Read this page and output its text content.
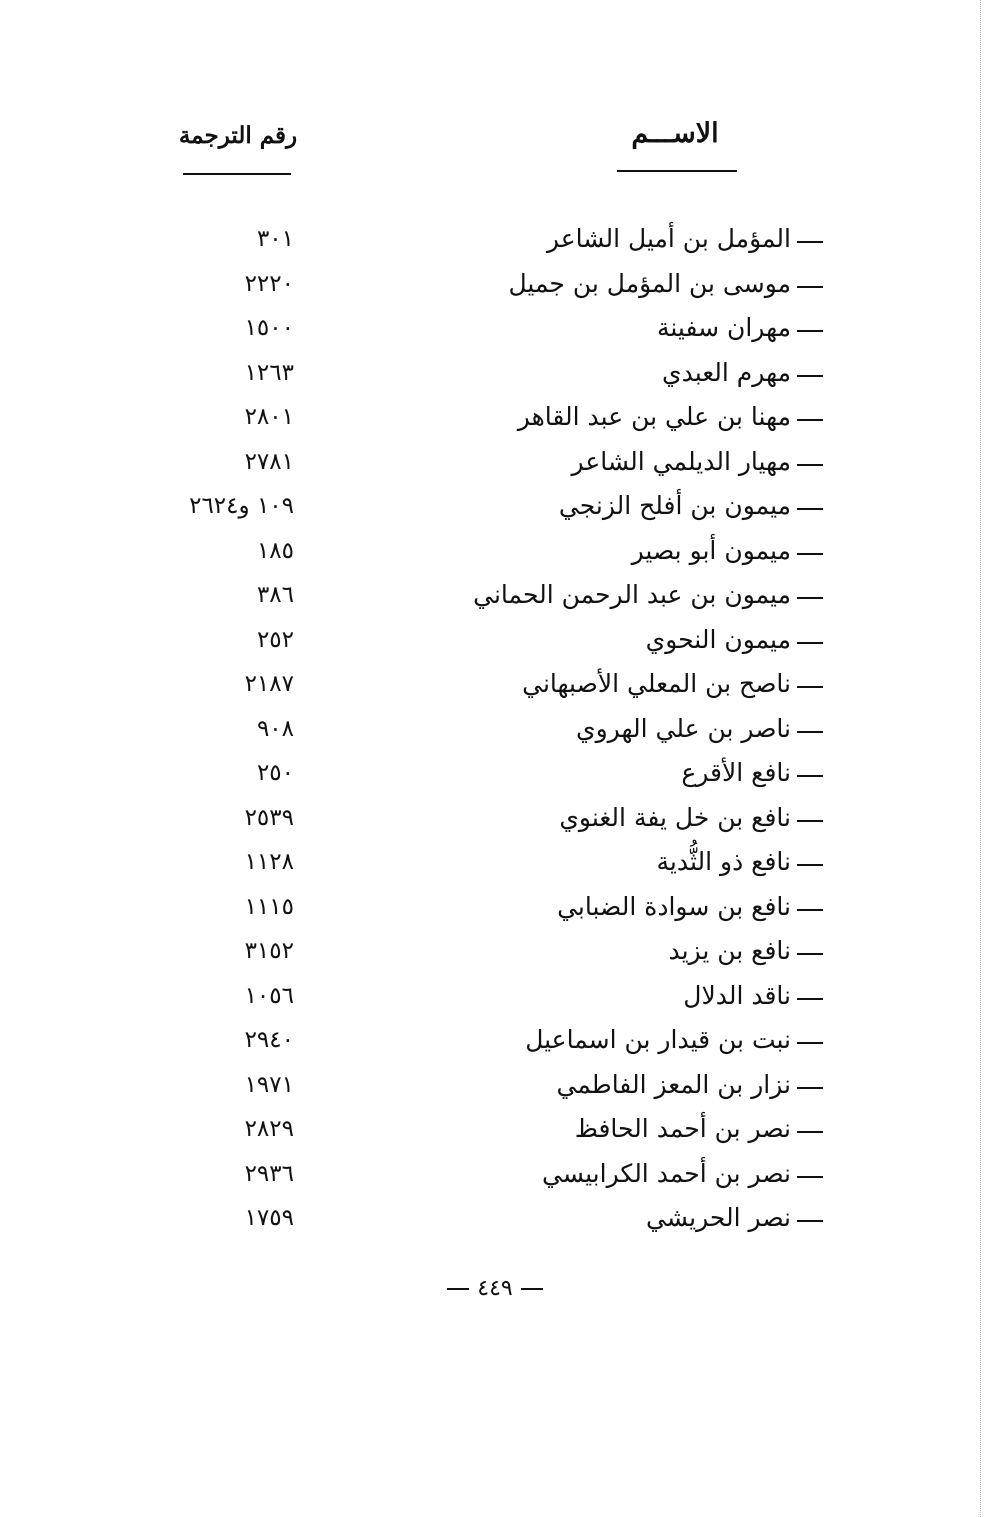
الاســـم
رقم الترجمة
المؤمل بن أميل الشاعر
٣٠١
موسى بن المؤمل بن جميل
٢٢٢٠
مهران سفينة
١٥٠٠
مهرم العبدي
١٢٦٣
مهنا بن علي بن عبد القاهر
٢٨٠١
مهيار الديلمي الشاعر
٢٧٨١
ميمون بن أفلح الزنجي
١٠٩ و٢٦٢٤
ميمون أبو بصير
١٨٥
ميمون بن عبد الرحمن الحماني
٣٨٦
ميمون النحوي
٢٥٢
ناصح بن المعلي الأصبهاني
٢١٨٧
ناصر بن علي الهروي
٩٠٨
نافع الأقرع
٢٥٠
نافع بن خل يفة الغنوي
٢٥٣٩
نافع ذو الثُّدية
١١٢٨
نافع بن سوادة الضبابي
١١١٥
نافع بن يزيد
٣١٥٢
ناقد الدلال
١٠٥٦
نبت بن قيدار بن اسماعيل
٢٩٤٠
نزار بن المعز الفاطمي
١٩٧١
نصر بن أحمد الحافظ
٢٨٢٩
نصر بن أحمد الكرابيسي
٢٩٣٦
نصر الحريشي
١٧٥٩
٤٤٩
